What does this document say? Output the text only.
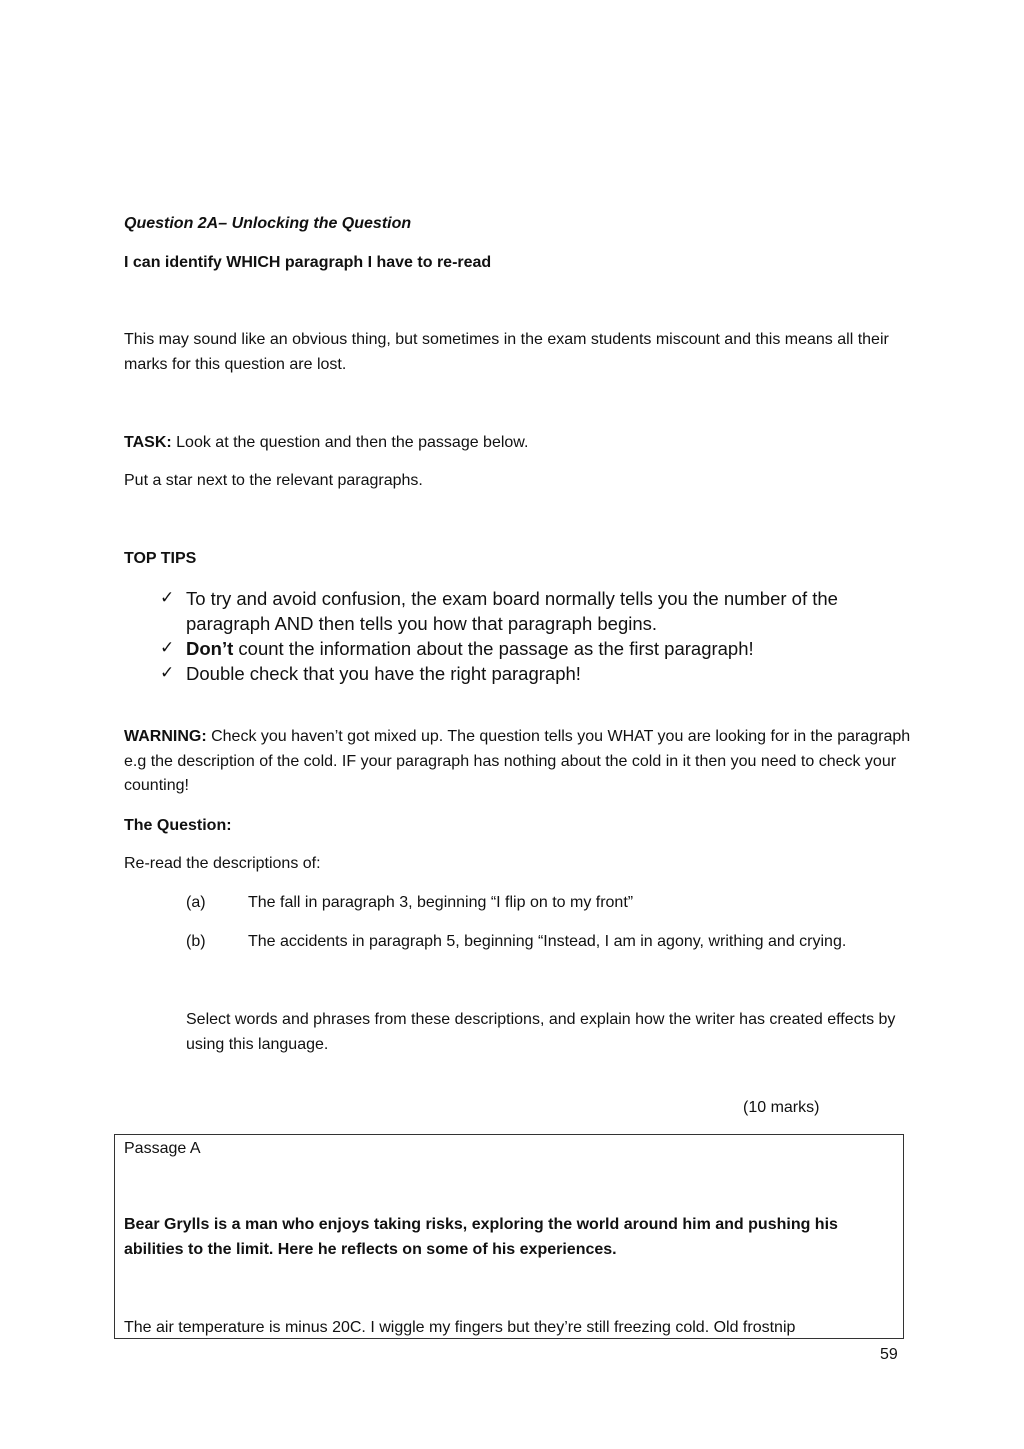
Question 2A– Unlocking the Question
I can identify WHICH paragraph I have to re-read
This may sound like an obvious thing, but sometimes in the exam students miscount and this means all their marks for this question are lost.
TASK: Look at the question and then the passage below.
Put a star next to the relevant paragraphs.
TOP TIPS
✓ To try and avoid confusion, the exam board normally tells you the number of the paragraph AND then tells you how that paragraph begins.
✓ Don’t count the information about the passage as the first paragraph!
✓ Double check that you have the right paragraph!
WARNING: Check you haven’t got mixed up. The question tells you WHAT you are looking for in the paragraph e.g the description of the cold. IF your paragraph has nothing about the cold in it then you need to check your counting!
The Question:
Re-read the descriptions of:
(a)	The fall in paragraph 3, beginning “I flip on to my front”
(b)	The accidents in paragraph 5, beginning “Instead, I am in agony, writhing and crying.
Select words and phrases from these descriptions, and explain how the writer has created effects by using this language.
(10 marks)
Passage A
Bear Grylls is a man who enjoys taking risks, exploring the world around him and pushing his abilities to the limit. Here he reflects on some of his experiences.
The air temperature is minus 20C. I wiggle my fingers but they’re still freezing cold. Old frostnip
59
